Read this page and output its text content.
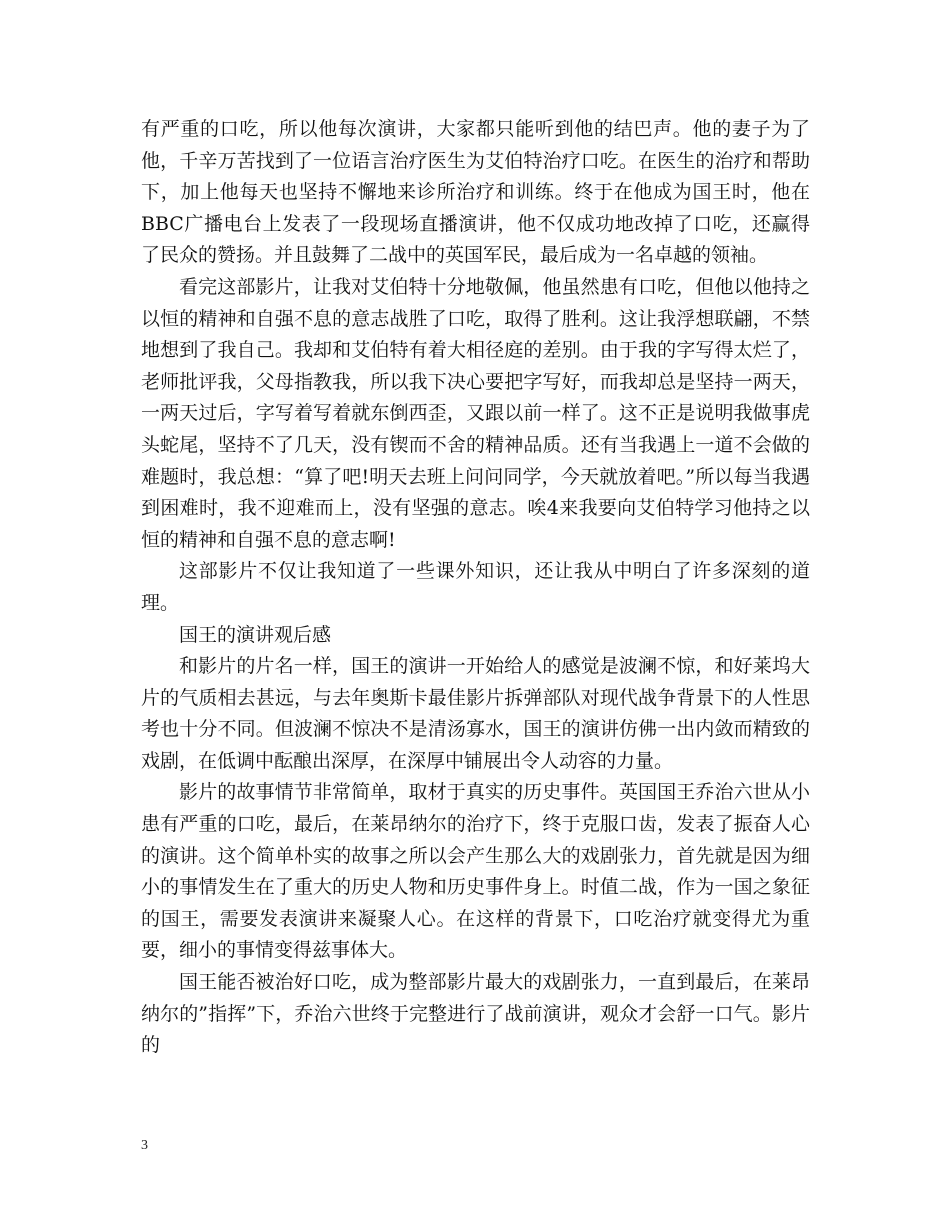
有严重的口吃，所以他每次演讲，大家都只能听到他的结巴声。他的妻子为了他，千辛万苦找到了一位语言治疗医生为艾伯特治疗口吃。在医生的治疗和帮助下，加上他每天也坚持不懈地来诊所治疗和训练。终于在他成为国王时，他在BBC广播电台上发表了一段现场直播演讲，他不仅成功地改掉了口吃，还赢得了民众的赞扬。并且鼓舞了二战中的英国军民，最后成为一名卓越的领袖。

看完这部影片，让我对艾伯特十分地敬佩，他虽然患有口吃，但他以他持之以恒的精神和自强不息的意志战胜了口吃，取得了胜利。这让我浮想联翩，不禁地想到了我自己。我却和艾伯特有着大相径庭的差别。由于我的字写得太烂了，老师批评我，父母指教我，所以我下决心要把字写好，而我却总是坚持一两天，一两天过后，字写着写着就东倒西歪，又跟以前一样了。这不正是说明我做事虎头蛇尾，坚持不了几天，没有锲而不舍的精神品质。还有当我遇上一道不会做的难题时，我总想：“算了吧!明天去班上问问同学，今天就放着吧。”所以每当我遇到困难时，我不迎难而上，没有坚强的意志。唉4来我要向艾伯特学习他持之以恒的精神和自强不息的意志啊!

这部影片不仅让我知道了一些课外知识，还让我从中明白了许多深刻的道理。

国王的演讲观后感

和影片的片名一样，国王的演讲一开始给人的感觉是波澜不惊，和好莱坞大片的气质相去甚远，与去年奥斯卡最佳影片拆弹部队对现代战争背景下的人性思考也十分不同。但波澜不惊决不是清汤寡水，国王的演讲仿佛一出内敛而精致的戏剧，在低调中酝酿出深厚，在深厚中铺展出令人动容的力量。

影片的故事情节非常简单，取材于真实的历史事件。英国国王乔治六世从小患有严重的口吃，最后，在莱昂纳尔的治疗下，终于克服口齿，发表了振奋人心的演讲。这个简单朴实的故事之所以会产生那么大的戏剧张力，首先就是因为细小的事情发生在了重大的历史人物和历史事件身上。时值二战，作为一国之象征的国王，需要发表演讲来凝聚人心。在这样的背景下，口吃治疗就变得尤为重要，细小的事情变得兹事体大。

国王能否被治好口吃，成为整部影片最大的戏剧张力，一直到最后，在莱昂纳尔的”指挥”下，乔治六世终于完整进行了战前演讲，观众才会舒一口气。影片的

3
